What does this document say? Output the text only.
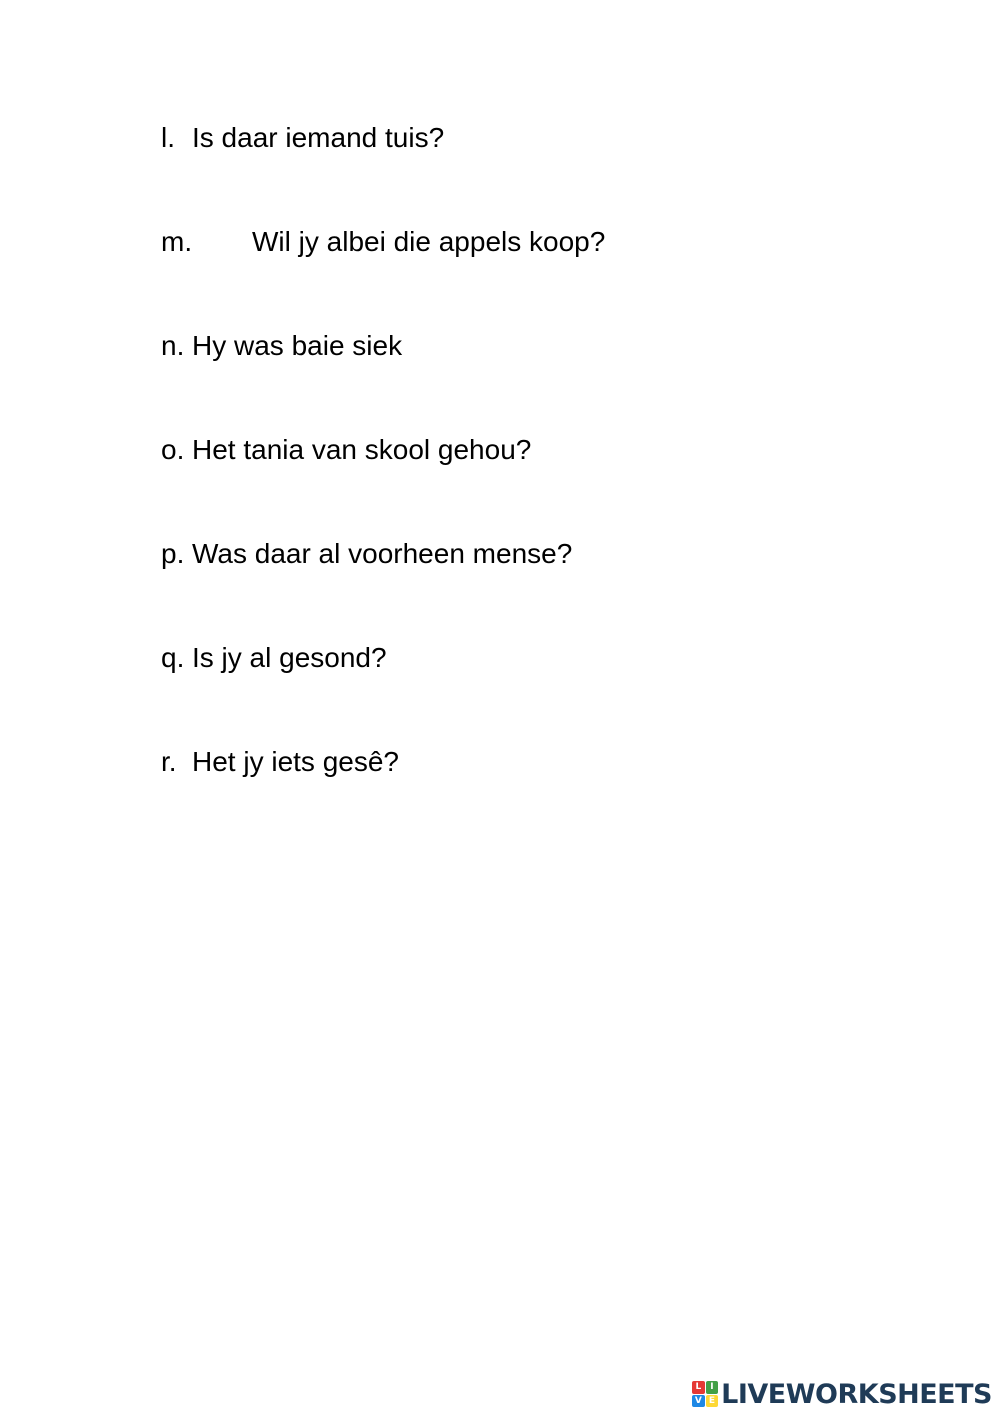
l. Is daar iemand tuis?
m. Wil jy albei die appels koop?
n. Hy was baie siek
o. Het tania van skool gehou?
p. Was daar al voorheen mense?
q. Is jy al gesond?
r. Het jy iets gesê?
L I
V E LIVEWORKSHEETS
